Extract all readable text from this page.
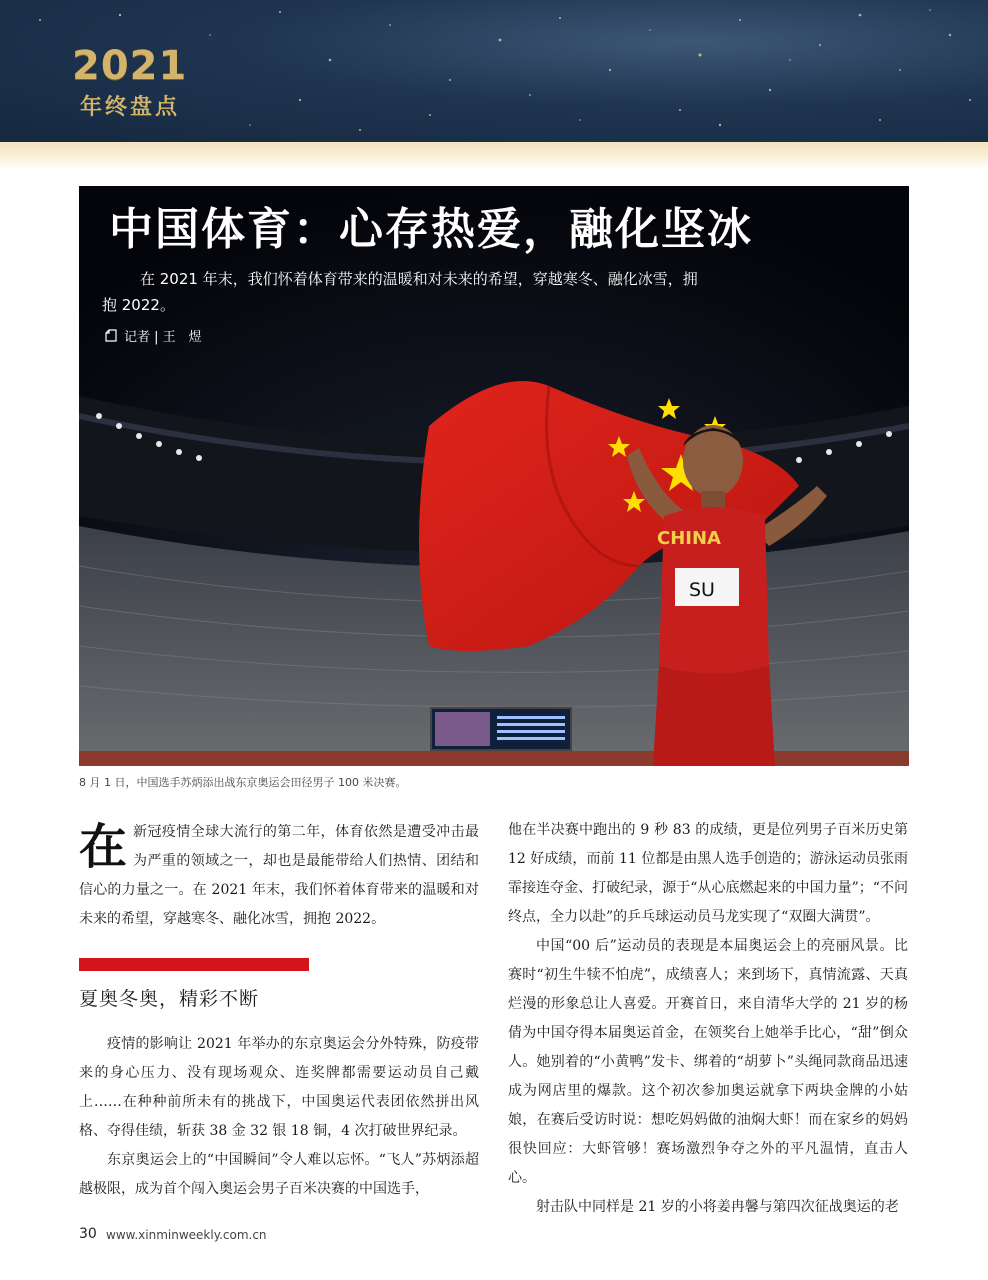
2021
年终盘点
CHINA
SU
中国体育：心存热爱，融化坚冰

在 2021 年末，我们怀着体育带来的温暖和对未来的希望，穿越寒冬、融化冰雪，拥抱 2022。

记者 | 王　煜
8 月 1 日，中国选手苏炳添出战东京奥运会田径男子 100 米决赛。

在新冠疫情全球大流行的第二年，体育依然是遭受冲击最为严重的领域之一，却也是最能带给人们热情、团结和信心的力量之一。在 2021 年末，我们怀着体育带来的温暖和对未来的希望，穿越寒冬、融化冰雪，拥抱 2022。

夏奥冬奥，精彩不断

疫情的影响让 2021 年举办的东京奥运会分外特殊，防疫带来的身心压力、没有现场观众、连奖牌都需要运动员自己戴上……在种种前所未有的挑战下，中国奥运代表团依然拼出风格、夺得佳绩，斩获 38 金 32 银 18 铜，4 次打破世界纪录。

东京奥运会上的“中国瞬间”令人难以忘怀。“飞人”苏炳添超越极限，成为首个闯入奥运会男子百米决赛的中国选手，

他在半决赛中跑出的 9 秒 83 的成绩，更是位列男子百米历史第 12 好成绩，而前 11 位都是由黑人选手创造的；游泳运动员张雨霏接连夺金、打破纪录，源于“从心底燃起来的中国力量”；“不问终点，全力以赴”的乒乓球运动员马龙实现了“双圈大满贯”。

中国“00 后”运动员的表现是本届奥运会上的亮丽风景。比赛时“初生牛犊不怕虎”，成绩喜人；来到场下，真情流露、天真烂漫的形象总让人喜爱。开赛首日，来自清华大学的 21 岁的杨倩为中国夺得本届奥运首金，在领奖台上她举手比心，“甜”倒众人。她别着的“小黄鸭”发卡、绑着的“胡萝卜”头绳同款商品迅速成为网店里的爆款。这个初次参加奥运就拿下两块金牌的小姑娘，在赛后受访时说：想吃妈妈做的油焖大虾！而在家乡的妈妈很快回应：大虾管够！赛场激烈争夺之外的平凡温情，直击人心。

射击队中同样是 21 岁的小将姜冉馨与第四次征战奥运的老

30 www.xinminweekly.com.cn
